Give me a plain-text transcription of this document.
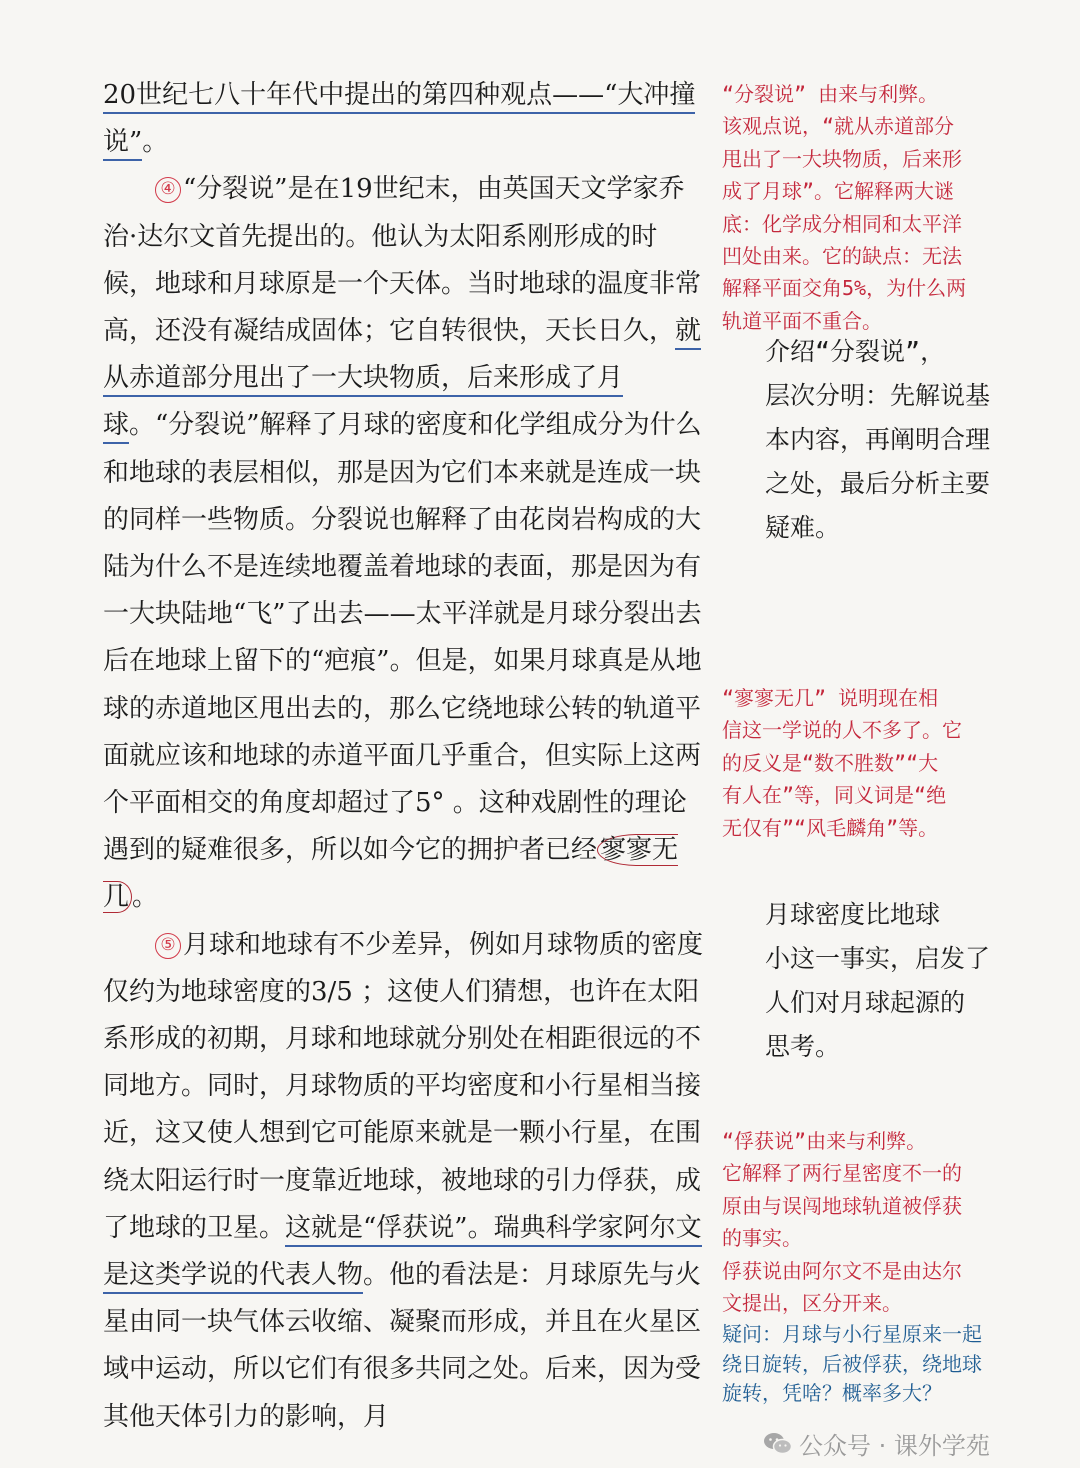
20世纪七八十年代中提出的第四种观点——“大冲撞说”。

④ “分裂说”是在19世纪末，由英国天文学家乔治·达尔文首先提出的。他认为太阳系刚形成的时候，地球和月球原是一个天体。当时地球的温度非常高，还没有凝结成固体；它自转很快，天长日久，就从赤道部分甩出了一大块物质，后来形成了月球。“分裂说”解释了月球的密度和化学组成分为什么和地球的表层相似，那是因为它们本来就是连成一块的同样一些物质。分裂说也解释了由花岗岩构成的大陆为什么不是连续地覆盖着地球的表面，那是因为有一大块陆地“飞”了出去——太平洋就是月球分裂出去后在地球上留下的“疤痕”。但是，如果月球真是从地球的赤道地区甩出去的，那么它绕地球公转的轨道平面就应该和地球的赤道平面几乎重合，但实际上这两个平面相交的角度却超过了5° 。这种戏剧性的理论遇到的疑难很多，所以如今它的拥护者已经 寥寥无几 。

⑤ 月球和地球有不少差异，例如月球物质的密度仅约为地球密度的3/5 ；这使人们猜想，也许在太阳系形成的初期，月球和地球就分别处在相距很远的不同地方。同时，月球物质的平均密度和小行星相当接近，这又使人想到它可能原来就是一颗小行星，在围绕太阳运行时一度靠近地球，被地球的引力俘获，成了地球的卫星。这就是“俘获说”。瑞典科学家阿尔文是这类学说的代表人物。他的看法是：月球原先与火星由同一块气体云收缩、凝聚而形成，并且在火星区域中运动，所以它们有很多共同之处。后来，因为受其他天体引力的影响，月

“分裂说” 由来与利弊。
该观点说，“就从赤道部分
甩出了一大块物质，后来形
成了月球”。它解释两大谜
底：化学成分相同和太平洋
凹处由来。它的缺点：无法
解释平面交角5%，为什么两
轨道平面不重合。
介绍“分裂说”，
层次分明：先解说基
本内容，再阐明合理
之处，最后分析主要
疑难。
“寥寥无几” 说明现在相
信这一学说的人不多了。它
的反义是“数不胜数”“大
有人在”等，同义词是“绝
无仅有”“风毛麟角”等。
月球密度比地球
小这一事实，启发了
人们对月球起源的
思考。
“俘获说”由来与利弊。
它解释了两行星密度不一的
原由与误闯地球轨道被俘获
的事实。
俘获说由阿尔文不是由达尔
文提出，区分开来。
疑问：月球与小行星原来一起
绕日旋转，后被俘获，绕地球
旋转，凭啥？概率多大？
公众号 · 课外学苑
